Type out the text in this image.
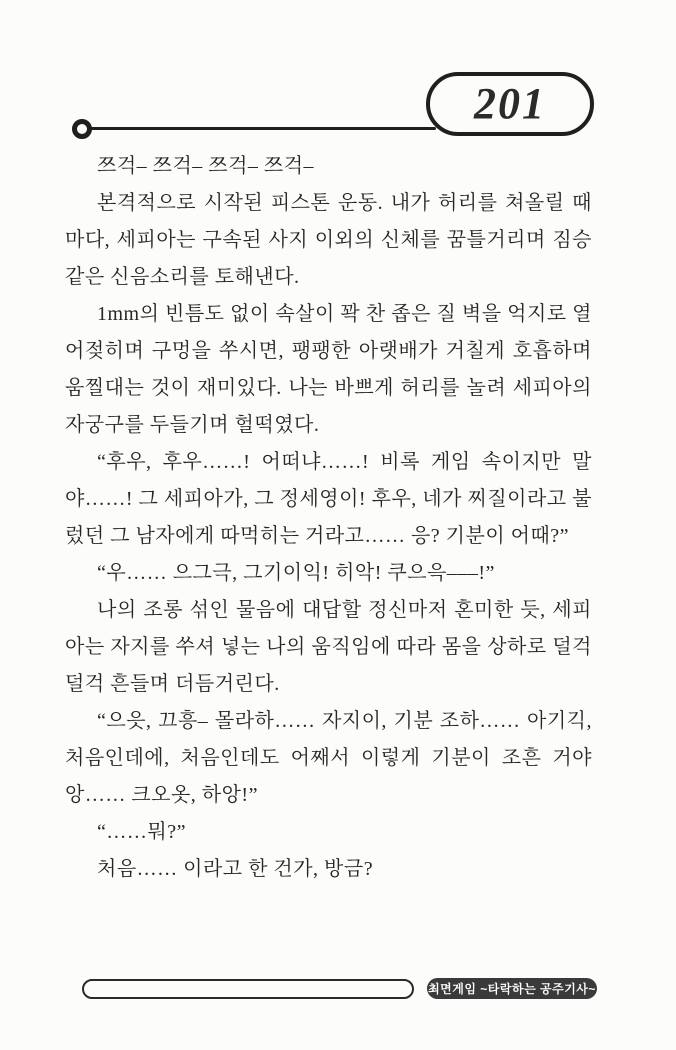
201

쯔걱– 쯔걱– 쯔걱– 쯔걱–

본격적으로 시작된 피스톤 운동. 내가 허리를 쳐올릴 때마다, 세피아는 구속된 사지 이외의 신체를 꿈틀거리며 짐승 같은 신음소리를 토해낸다.

1mm의 빈틈도 없이 속살이 꽉 찬 좁은 질 벽을 억지로 열어젖히며 구멍을 쑤시면, 팽팽한 아랫배가 거칠게 호흡하며 움찔대는 것이 재미있다. 나는 바쁘게 허리를 놀려 세피아의 자궁구를 두들기며 헐떡였다.

“후우, 후우……! 어떠냐……! 비록 게임 속이지만 말야……! 그 세피아가, 그 정세영이! 후우, 네가 찌질이라고 불렀던 그 남자에게 따먹히는 거라고…… 응? 기분이 어때?”

“우…… 으그극, 그기이익! 히악! 쿠으윽–––!”

나의 조롱 섞인 물음에 대답할 정신마저 혼미한 듯, 세피아는 자지를 쑤셔 넣는 나의 움직임에 따라 몸을 상하로 덜걱덜걱 흔들며 더듬거린다.

“으읏, 끄흥– 몰라하…… 자지이, 기분 조하…… 아기긱, 처음인데에, 처음인데도 어째서 이렇게 기분이 조흔 거야앙…… 크오옷, 하앙!”

“……뭐?”

처음…… 이라고 한 건가, 방금?

최면게임 ~타락하는 공주기사~
